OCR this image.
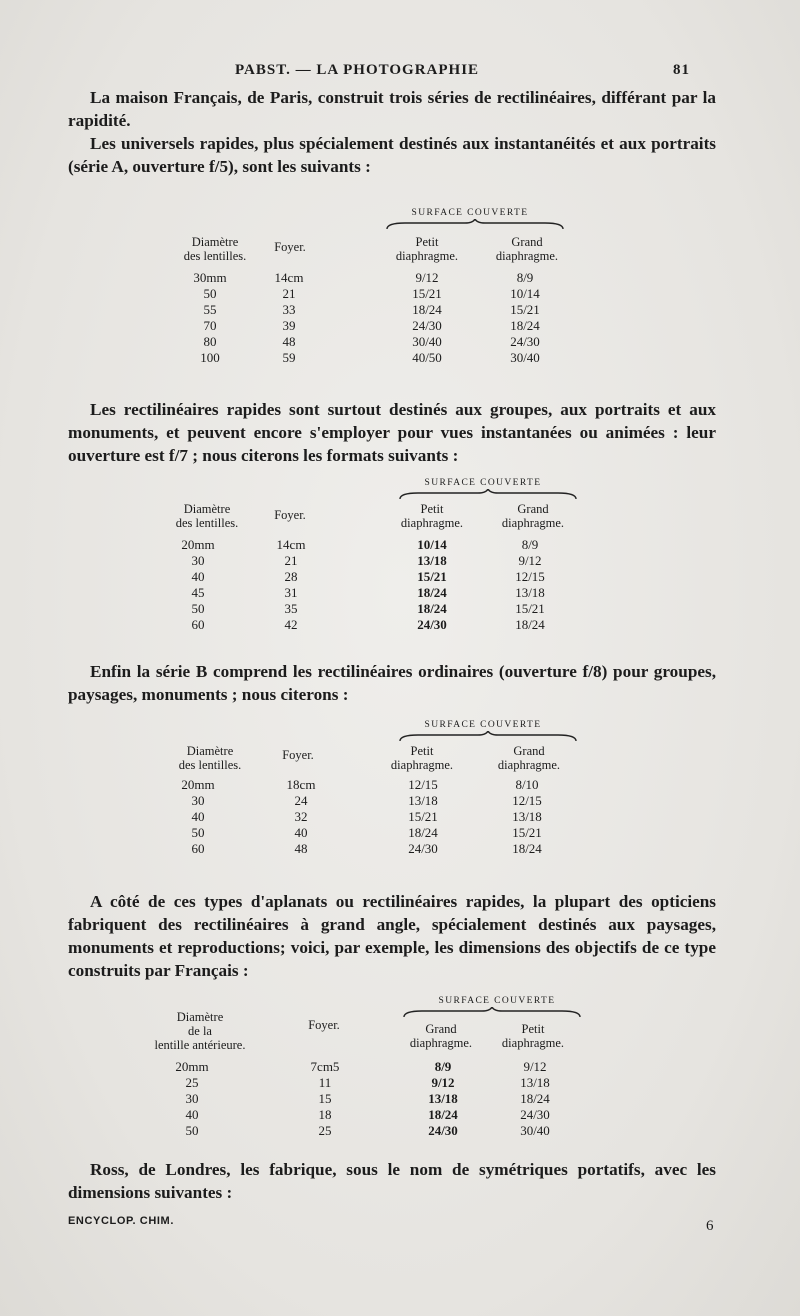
PABST. — LA PHOTOGRAPHIE	81

La maison Français, de Paris, construit trois séries de rectilinéaires, différant par la rapidité.

Les universels rapides, plus spécialement destinés aux instantanéités et aux portraits (série A, ouverture f/5), sont les suivants :

SURFACE COUVERTE
Diamètre
des lentilles.
Foyer.	Petit
diaphragme.
Grand
diaphragme.
30mm	14cm	9/12	8/9
50	21	15/21	10/14
55	33	18/24	15/21
70	39	24/30	18/24
80	48	30/40	24/30
100	59	40/50	30/40

Les rectilinéaires rapides sont surtout destinés aux groupes, aux portraits et aux monuments, et peuvent encore s'employer pour vues instantanées ou animées : leur ouverture est f/7 ; nous citerons les formats suivants :

SURFACE COUVERTE
Diamètre
des lentilles.
Foyer.	Petit
diaphragme.
Grand
diaphragme.
20mm	14cm	10/14	8/9
30	21	13/18	9/12
40	28	15/21	12/15
45	31	18/24	13/18
50	35	18/24	15/21
60	42	24/30	18/24

Enfin la série B comprend les rectilinéaires ordinaires (ouverture f/8) pour groupes, paysages, monuments ; nous citerons :

SURFACE COUVERTE
Diamètre
des lentilles.
Foyer.	Petit
diaphragme.
Grand
diaphragme.
20mm	18cm	12/15	8/10
30	24	13/18	12/15
40	32	15/21	13/18
50	40	18/24	15/21
60	48	24/30	18/24

A côté de ces types d'aplanats ou rectilinéaires rapides, la plupart des opticiens fabriquent des rectilinéaires à grand angle, spécialement destinés aux paysages, monuments et reproductions; voici, par exemple, les dimensions des objectifs de ce type construits par Français :

SURFACE COUVERTE
Diamètre
de la
lentille antérieure.
Foyer.	Grand
diaphragme.
Petit
diaphragme.
20mm	7cm5	8/9	9/12
25	11	9/12	13/18
30	15	13/18	18/24
40	18	18/24	24/30
50	25	24/30	30/40

Ross, de Londres, les fabrique, sous le nom de symétriques portatifs, avec les dimensions suivantes :

ENCYCLOP. CHIM.	6
